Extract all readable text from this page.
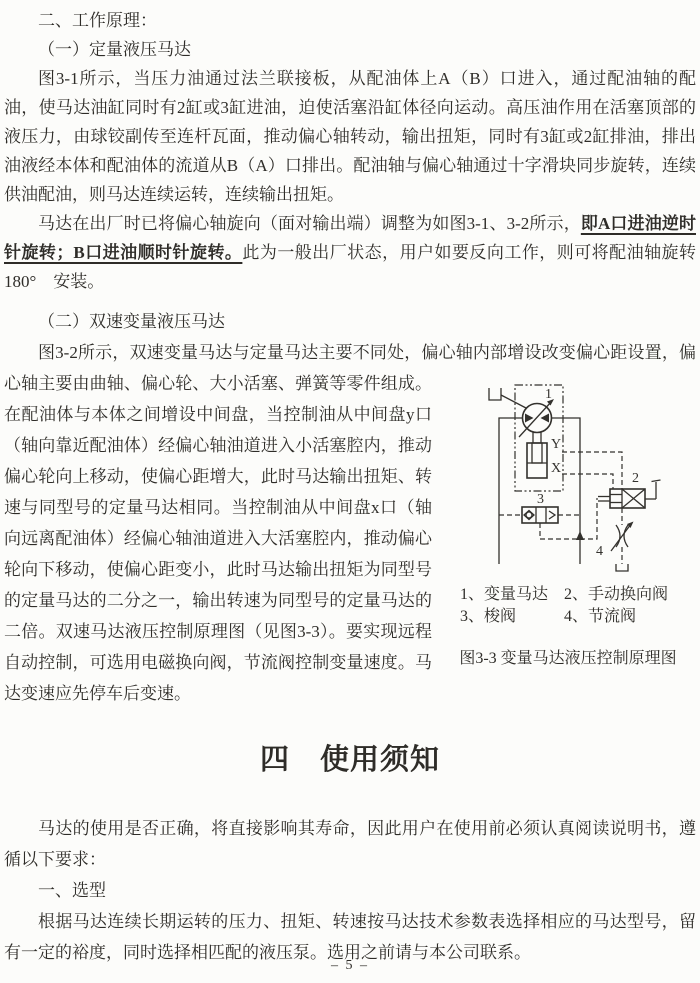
二、工作原理：

（一）定量液压马达

图3-1所示，当压力油通过法兰联接板，从配油体上A（B）口进入，通过配油轴的配油，使马达油缸同时有2缸或3缸进油，迫使活塞沿缸体径向运动。高压油作用在活塞顶部的液压力，由球铰副传至连杆瓦面，推动偏心轴转动，输出扭矩，同时有3缸或2缸排油，排出油液经本体和配油体的流道从B（A）口排出。配油轴与偏心轴通过十字滑块同步旋转，连续供油配油，则马达连续运转，连续输出扭矩。

马达在出厂时已将偏心轴旋向（面对输出端）调整为如图3-1、3-2所示，即A口进油逆时针旋转；B口进油顺时针旋转。此为一般出厂状态，用户如要反向工作，则可将配油轴旋转180°　安装。

（二）双速变量液压马达

图3-2所示，双速变量马达与定量马达主要不同处，偏心轴内部增设改变偏心距设置，偏心轴主
1
Y
X
3
2
4
1、变量马达 2、手动换向阀
3、梭阀	4、节流阀
图3-3 变量马达液压控制原理图
要由曲轴、偏心轮、大小活塞、弹簧等零件组成。在配油体与本体之间增设中间盘，当控制油从中间盘y口（轴向靠近配油体）经偏心轴油道进入小活塞腔内，推动偏心轮向上移动，使偏心距增大，此时马达输出扭矩、转速与同型号的定量马达相同。当控制油从中间盘x口（轴向远离配油体）经偏心轴油道进入大活塞腔内，推动偏心轮向下移动，使偏心距变小，此时马达输出扭矩为同型号的定量马达的二分之一，输出转速为同型号的定量马达的二倍。双速马达液压控制原理图（见图3-3）。要实现远程自动控制，可选用电磁换向阀，节流阀控制变量速度。马达变速应先停车后变速。

四　使用须知

马达的使用是否正确，将直接影响其寿命，因此用户在使用前必须认真阅读说明书，遵循以下要求：

一、选型

根据马达连续长期运转的压力、扭矩、转速按马达技术参数表选择相应的马达型号，留有一定的裕度，同时选择相匹配的液压泵。选用之前请与本公司联系。

– 5 –
